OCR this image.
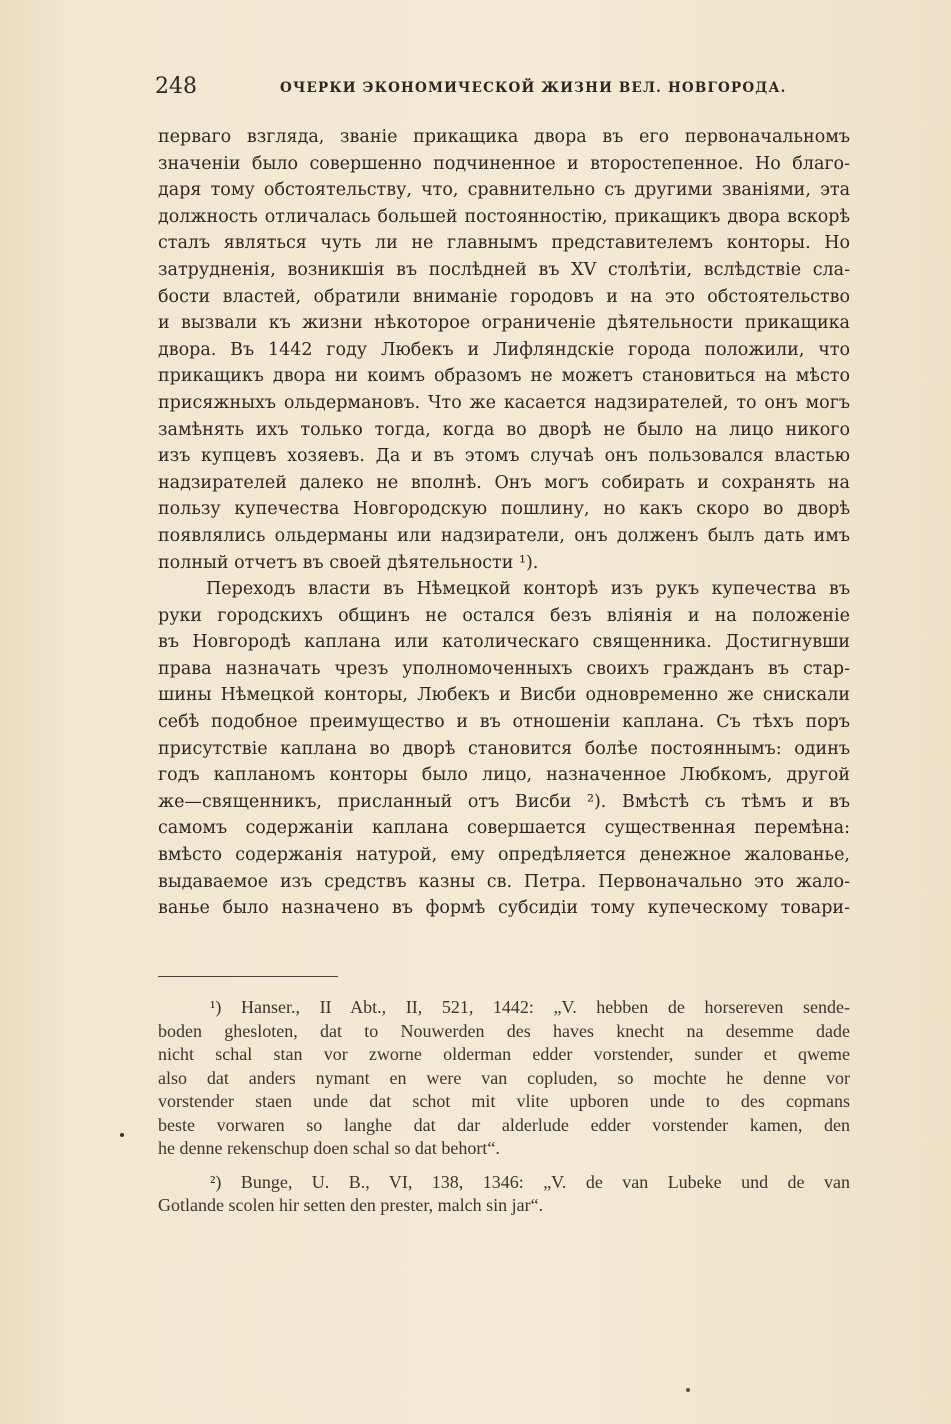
248	ОЧЕРКИ ЭКОНОМИЧЕСКОЙ ЖИЗНИ ВЕЛ. НОВГОРОДА.
перваго взгляда, званіе прикащика двора въ его первоначальномъ
значеніи было совершенно подчиненное и второстепенное. Но благо-
даря тому обстоятельству, что, сравнительно съ другими званіями, эта
должность отличалась большей постоянностію, прикащикъ двора вскорѣ
сталъ являться чуть ли не главнымъ представителемъ конторы. Но
затрудненія, возникшія въ послѣдней въ XV столѣтіи, вслѣдствіе сла-
бости властей, обратили вниманіе городовъ и на это обстоятельство
и вызвали къ жизни нѣкоторое ограниченіе дѣятельности прикащика
двора. Въ 1442 году Любекъ и Лифляндскіе города положили, что
прикащикъ двора ни коимъ образомъ не можетъ становиться на мѣсто
присяжныхъ ольдермановъ. Что же касается надзирателей, то онъ могъ
замѣнять ихъ только тогда, когда во дворѣ не было на лицо никого
изъ купцевъ хозяевъ. Да и въ этомъ случаѣ онъ пользовался властью
надзирателей далеко не вполнѣ. Онъ могъ собирать и сохранять на
пользу купечества Новгородскую пошлину, но какъ скоро во дворѣ
появлялись ольдерманы или надзиратели, онъ долженъ былъ дать имъ
полный отчетъ въ своей дѣятельности ¹).
Переходъ власти въ Нѣмецкой конторѣ изъ рукъ купечества въ
руки городскихъ общинъ не остался безъ вліянія и на положеніе
въ Новгородѣ каплана или католическаго священника. Достигнувши
права назначать чрезъ уполномоченныхъ своихъ гражданъ въ стар-
шины Нѣмецкой конторы, Любекъ и Висби одновременно же снискали
себѣ подобное преимущество и въ отношеніи каплана. Съ тѣхъ поръ
присутствіе каплана во дворѣ становится болѣе постояннымъ: одинъ
годъ капланомъ конторы было лицо, назначенное Любкомъ, другой
же—священникъ, присланный отъ Висби ²). Вмѣстѣ съ тѣмъ и въ
самомъ содержаніи каплана совершается существенная перемѣна:
вмѣсто содержанія натурой, ему опредѣляется денежное жалованье,
выдаваемое изъ средствъ казны св. Петра. Первоначально это жало-
ванье было назначено въ формѣ субсидіи тому купеческому товари-
¹) Hanser., II Abt., II, 521, 1442: „V. hebben de horsereven sende-
boden ghesloten, dat to Nouwerden des haves knecht na desemme dade
nicht schal stan vor zworne olderman edder vorstender, sunder et qweme
also dat anders nymant en were van copluden, so mochte he denne vor
vorstender staen unde dat schot mit vlite upboren unde to des copmans
beste vorwaren so langhe dat dar alderlude edder vorstender kamen, den
he denne rekenschup doen schal so dat behort“.
²) Bunge, U. B., VI, 138, 1346: „V. de van Lubeke und de van
Gotlande scolen hir setten den prester, malch sin jar“.
